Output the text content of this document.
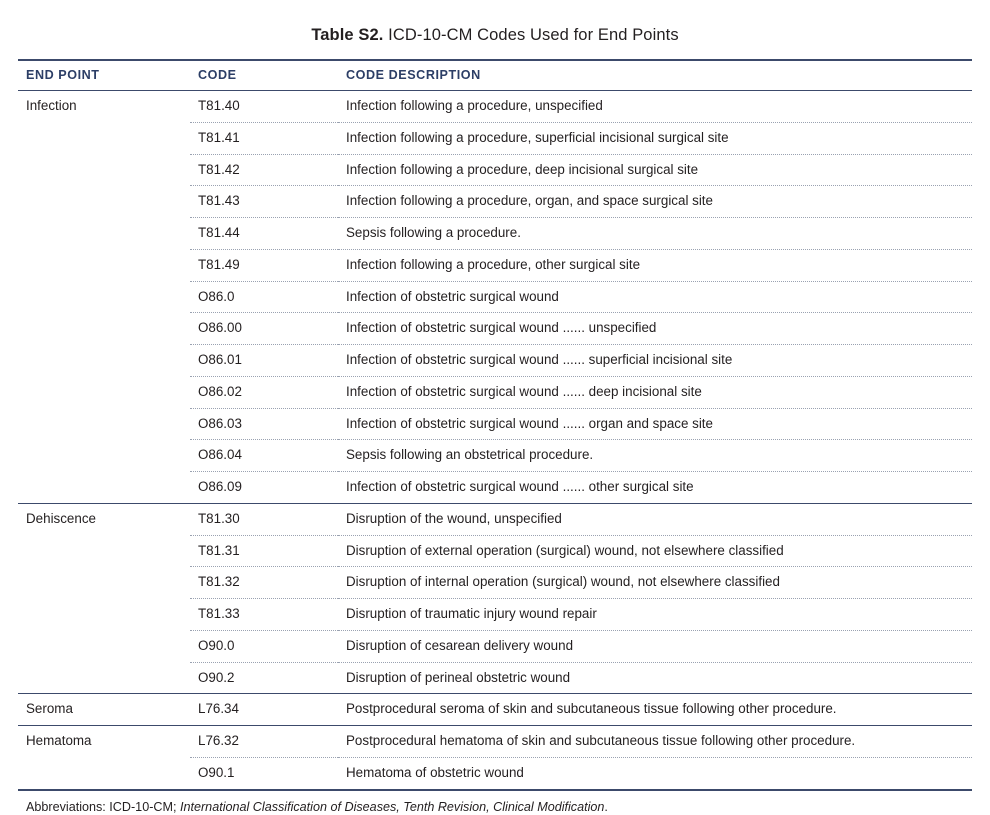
Table S2. ICD-10-CM Codes Used for End Points
END POINT	CODE	CODE DESCRIPTION
Infection	T81.40	Infection following a procedure, unspecified
	T81.41	Infection following a procedure, superficial incisional surgical site
	T81.42	Infection following a procedure, deep incisional surgical site
	T81.43	Infection following a procedure, organ, and space surgical site
	T81.44	Sepsis following a procedure.
	T81.49	Infection following a procedure, other surgical site
	O86.0	Infection of obstetric surgical wound
	O86.00	Infection of obstetric surgical wound ...... unspecified
	O86.01	Infection of obstetric surgical wound ...... superficial incisional site
	O86.02	Infection of obstetric surgical wound ...... deep incisional site
	O86.03	Infection of obstetric surgical wound ...... organ and space site
	O86.04	Sepsis following an obstetrical procedure.
	O86.09	Infection of obstetric surgical wound ...... other surgical site
Dehiscence	T81.30	Disruption of the wound, unspecified
	T81.31	Disruption of external operation (surgical) wound, not elsewhere classified
	T81.32	Disruption of internal operation (surgical) wound, not elsewhere classified
	T81.33	Disruption of traumatic injury wound repair
	O90.0	Disruption of cesarean delivery wound
	O90.2	Disruption of perineal obstetric wound
Seroma	L76.34	Postprocedural seroma of skin and subcutaneous tissue following other procedure.
Hematoma	L76.32	Postprocedural hematoma of skin and subcutaneous tissue following other procedure.
	O90.1	Hematoma of obstetric wound
Abbreviations: ICD-10-CM; International Classification of Diseases, Tenth Revision, Clinical Modification.
